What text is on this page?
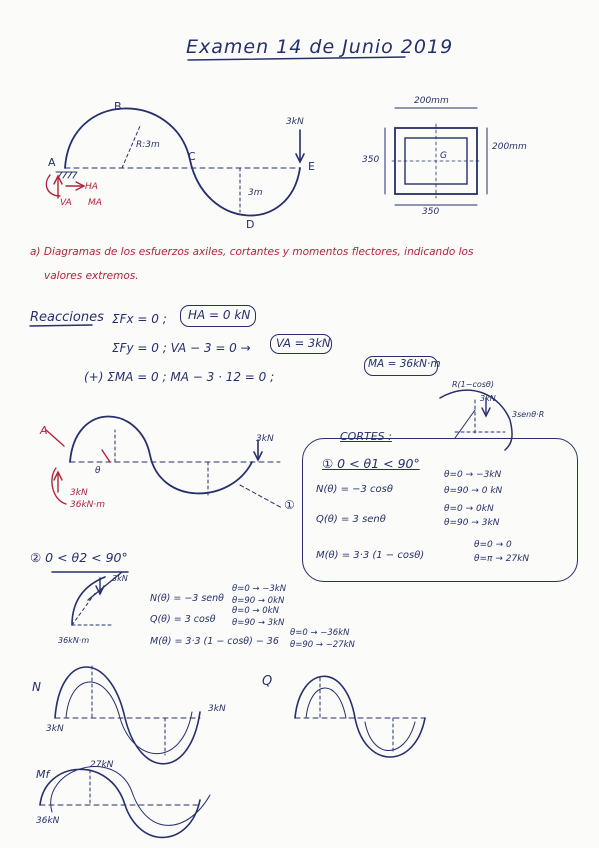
Examen 14 de Junio 2019
A
B
C
D
E
R:3m
3m
3kN
HA
VA MA
200mm
200mm
350
350
G
a) Diagramas de los esfuerzos axiles, cortantes y momentos flectores, indicando los
valores extremos.
Reacciones ΣFx = 0 ; HA = 0 kN
ΣFy = 0 ; VA − 3 = 0 → VA = 3kN
(+) ΣMA = 0 ; MA − 3 · 12 = 0 ;
MA = 36kN·m
A
3kN
3kN
36kN·m
θ
①
CORTES :
① 0 < θ1 < 90°
N(θ) = −3 cosθ
θ=0 → −3kN
θ=90 → 0 kN
Q(θ) = 3 senθ
θ=0 → 0kN
θ=90 → 3kN
M(θ) = 3·3 (1 − cosθ)
θ=0 → 0
θ=π → 27kN
R(1−cosθ)
3kN
3senθ·R
② 0 < θ2 < 90°
N(θ) = −3 senθ
θ=0 → −3kN
θ=90 → 0kN
Q(θ) = 3 cosθ
θ=0 → 0kN
θ=90 → 3kN
M(θ) = 3·3 (1 − cosθ) − 36
θ=0 → −36kN
θ=90 → −27kN
3kN
36kN·m
N
3kN
3kN
Q
Mf
27kN
36kN
